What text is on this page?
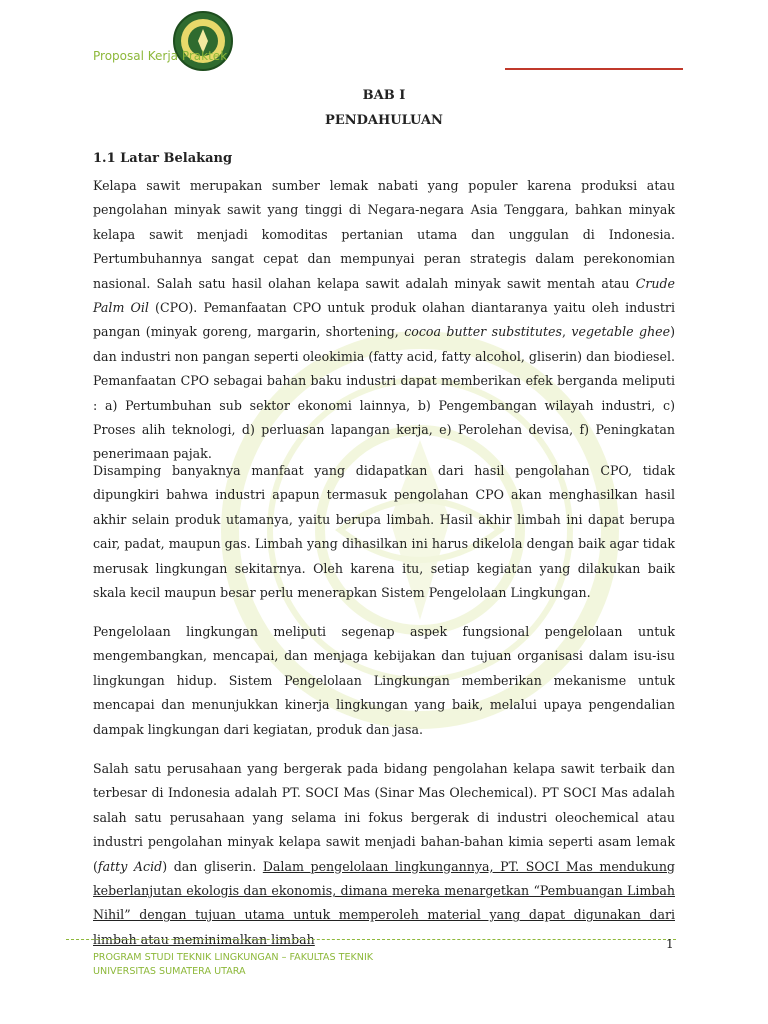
Proposal Kerja Praktek
BAB I
PENDAHULUAN
1.1 Latar Belakang
Kelapa sawit merupakan sumber lemak nabati yang populer karena produksi atau pengolahan minyak sawit yang tinggi di Negara-negara Asia Tenggara, bahkan minyak kelapa sawit menjadi komoditas pertanian utama dan unggulan di Indonesia. Pertumbuhannya sangat cepat dan mempunyai peran strategis dalam perekonomian nasional. Salah satu hasil olahan kelapa sawit adalah minyak sawit mentah atau Crude Palm Oil (CPO). Pemanfaatan CPO untuk produk olahan diantaranya yaitu oleh industri pangan (minyak goreng, margarin, shortening, cocoa butter substitutes, vegetable ghee) dan industri non pangan seperti oleokimia (fatty acid, fatty alcohol, gliserin) dan biodiesel. Pemanfaatan CPO sebagai bahan baku industri dapat memberikan efek berganda meliputi : a) Pertumbuhan sub sektor ekonomi lainnya, b) Pengembangan wilayah industri, c) Proses alih teknologi, d) perluasan lapangan kerja, e) Perolehan devisa, f) Peningkatan penerimaan pajak.
Disamping banyaknya manfaat yang didapatkan dari hasil pengolahan CPO, tidak dipungkiri bahwa industri apapun termasuk pengolahan CPO akan menghasilkan hasil akhir selain produk utamanya, yaitu berupa limbah. Hasil akhir limbah ini dapat berupa cair, padat, maupun gas. Limbah yang dihasilkan ini harus dikelola dengan baik agar tidak merusak lingkungan sekitarnya. Oleh karena itu, setiap kegiatan yang dilakukan baik skala kecil maupun besar perlu menerapkan Sistem Pengelolaan Lingkungan.
Pengelolaan lingkungan meliputi segenap aspek fungsional pengelolaan untuk mengembangkan, mencapai, dan menjaga kebijakan dan tujuan organisasi dalam isu-isu lingkungan hidup. Sistem Pengelolaan Lingkungan memberikan mekanisme untuk mencapai dan menunjukkan kinerja lingkungan yang baik, melalui upaya pengendalian dampak lingkungan dari kegiatan, produk dan jasa.
Salah satu perusahaan yang bergerak pada bidang pengolahan kelapa sawit terbaik dan terbesar di Indonesia adalah PT. SOCI Mas (Sinar Mas Olechemical). PT SOCI Mas adalah salah satu perusahaan yang selama ini fokus bergerak di industri oleochemical atau industri pengolahan minyak kelapa sawit menjadi bahan-bahan kimia seperti asam lemak (fatty Acid) dan gliserin. Dalam pengelolaan lingkungannya, PT. SOCI Mas mendukung keberlanjutan ekologis dan ekonomis, dimana mereka menargetkan “Pembuangan Limbah Nihil” dengan tujuan utama untuk memperoleh material yang dapat digunakan dari limbah atau meminimalkan limbah	1
PROGRAM STUDI TEKNIK LINGKUNGAN – FAKULTAS TEKNIK
UNIVERSITAS SUMATERA UTARA
